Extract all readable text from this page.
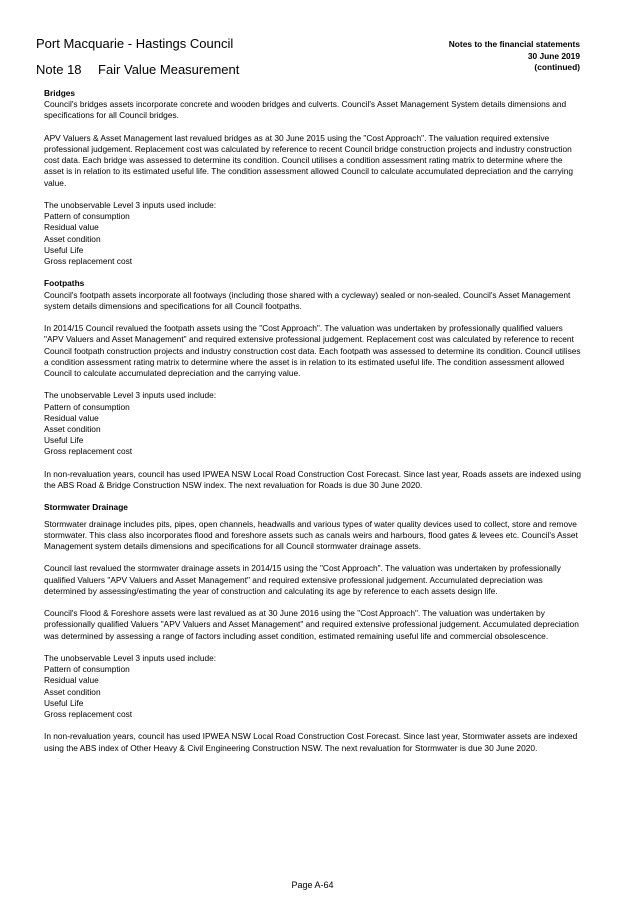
Port Macquarie - Hastings Council
Note 18 Fair Value Measurement
Notes to the financial statements
30 June 2019
(continued)

Bridges

Council's bridges assets incorporate concrete and wooden bridges and culverts. Council's Asset Management System details dimensions and specifications for all Council bridges.

APV Valuers & Asset Management last revalued bridges as at 30 June 2015 using the "Cost Approach". The valuation required extensive professional judgement. Replacement cost was calculated by reference to recent Council bridge construction projects and industry construction cost data. Each bridge was assessed to determine its condition. Council utilises a condition assessment rating matrix to determine where the asset is in relation to its estimated useful life. The condition assessment allowed Council to calculate accumulated depreciation and the carrying value.

The unobservable Level 3 inputs used include:

Pattern of consumption

Residual value

Asset condition

Useful Life

Gross replacement cost

Footpaths

Council's footpath assets incorporate all footways (including those shared with a cycleway) sealed or non-sealed. Council's Asset Management system details dimensions and specifications for all Council footpaths.

In 2014/15 Council revalued the footpath assets using the "Cost Approach". The valuation was undertaken by professionally qualified valuers "APV Valuers and Asset Management" and required extensive professional judgement. Replacement cost was calculated by reference to recent Council footpath construction projects and industry construction cost data. Each footpath was assessed to determine its condition. Council utilises a condition assessment rating matrix to determine where the asset is in relation to its estimated useful life. The condition assessment allowed Council to calculate accumulated depreciation and the carrying value.

The unobservable Level 3 inputs used include:

Pattern of consumption

Residual value

Asset condition

Useful Life

Gross replacement cost

In non-revaluation years, council has used IPWEA NSW Local Road Construction Cost Forecast. Since last year, Roads assets are indexed using the ABS Road & Bridge Construction NSW index. The next revaluation for Roads is due 30 June 2020.

Stormwater Drainage

Stormwater drainage includes pits, pipes, open channels, headwalls and various types of water quality devices used to collect, store and remove stormwater. This class also incorporates flood and foreshore assets such as canals weirs and harbours, flood gates & levees etc. Council's Asset Management system details dimensions and specifications for all Council stormwater drainage assets.

Council last revalued the stormwater drainage assets in 2014/15 using the "Cost Approach". The valuation was undertaken by professionally qualified Valuers "APV Valuers and Asset Management" and required extensive professional judgement. Accumulated depreciation was determined by assessing/estimating the year of construction and calculating its age by reference to each assets design life.

Council's Flood & Foreshore assets were last revalued as at 30 June 2016 using the "Cost Approach". The valuation was undertaken by professionally qualified Valuers "APV Valuers and Asset Management" and required extensive professional judgement. Accumulated depreciation was determined by assessing a range of factors including asset condition, estimated remaining useful life and commercial obsolescence.

The unobservable Level 3 inputs used include:

Pattern of consumption

Residual value

Asset condition

Useful Life

Gross replacement cost

In non-revaluation years, council has used IPWEA NSW Local Road Construction Cost Forecast. Since last year, Stormwater assets are indexed using the ABS index of Other Heavy & Civil Engineering Construction NSW. The next revaluation for Stormwater is due 30 June 2020.

Page A-64
